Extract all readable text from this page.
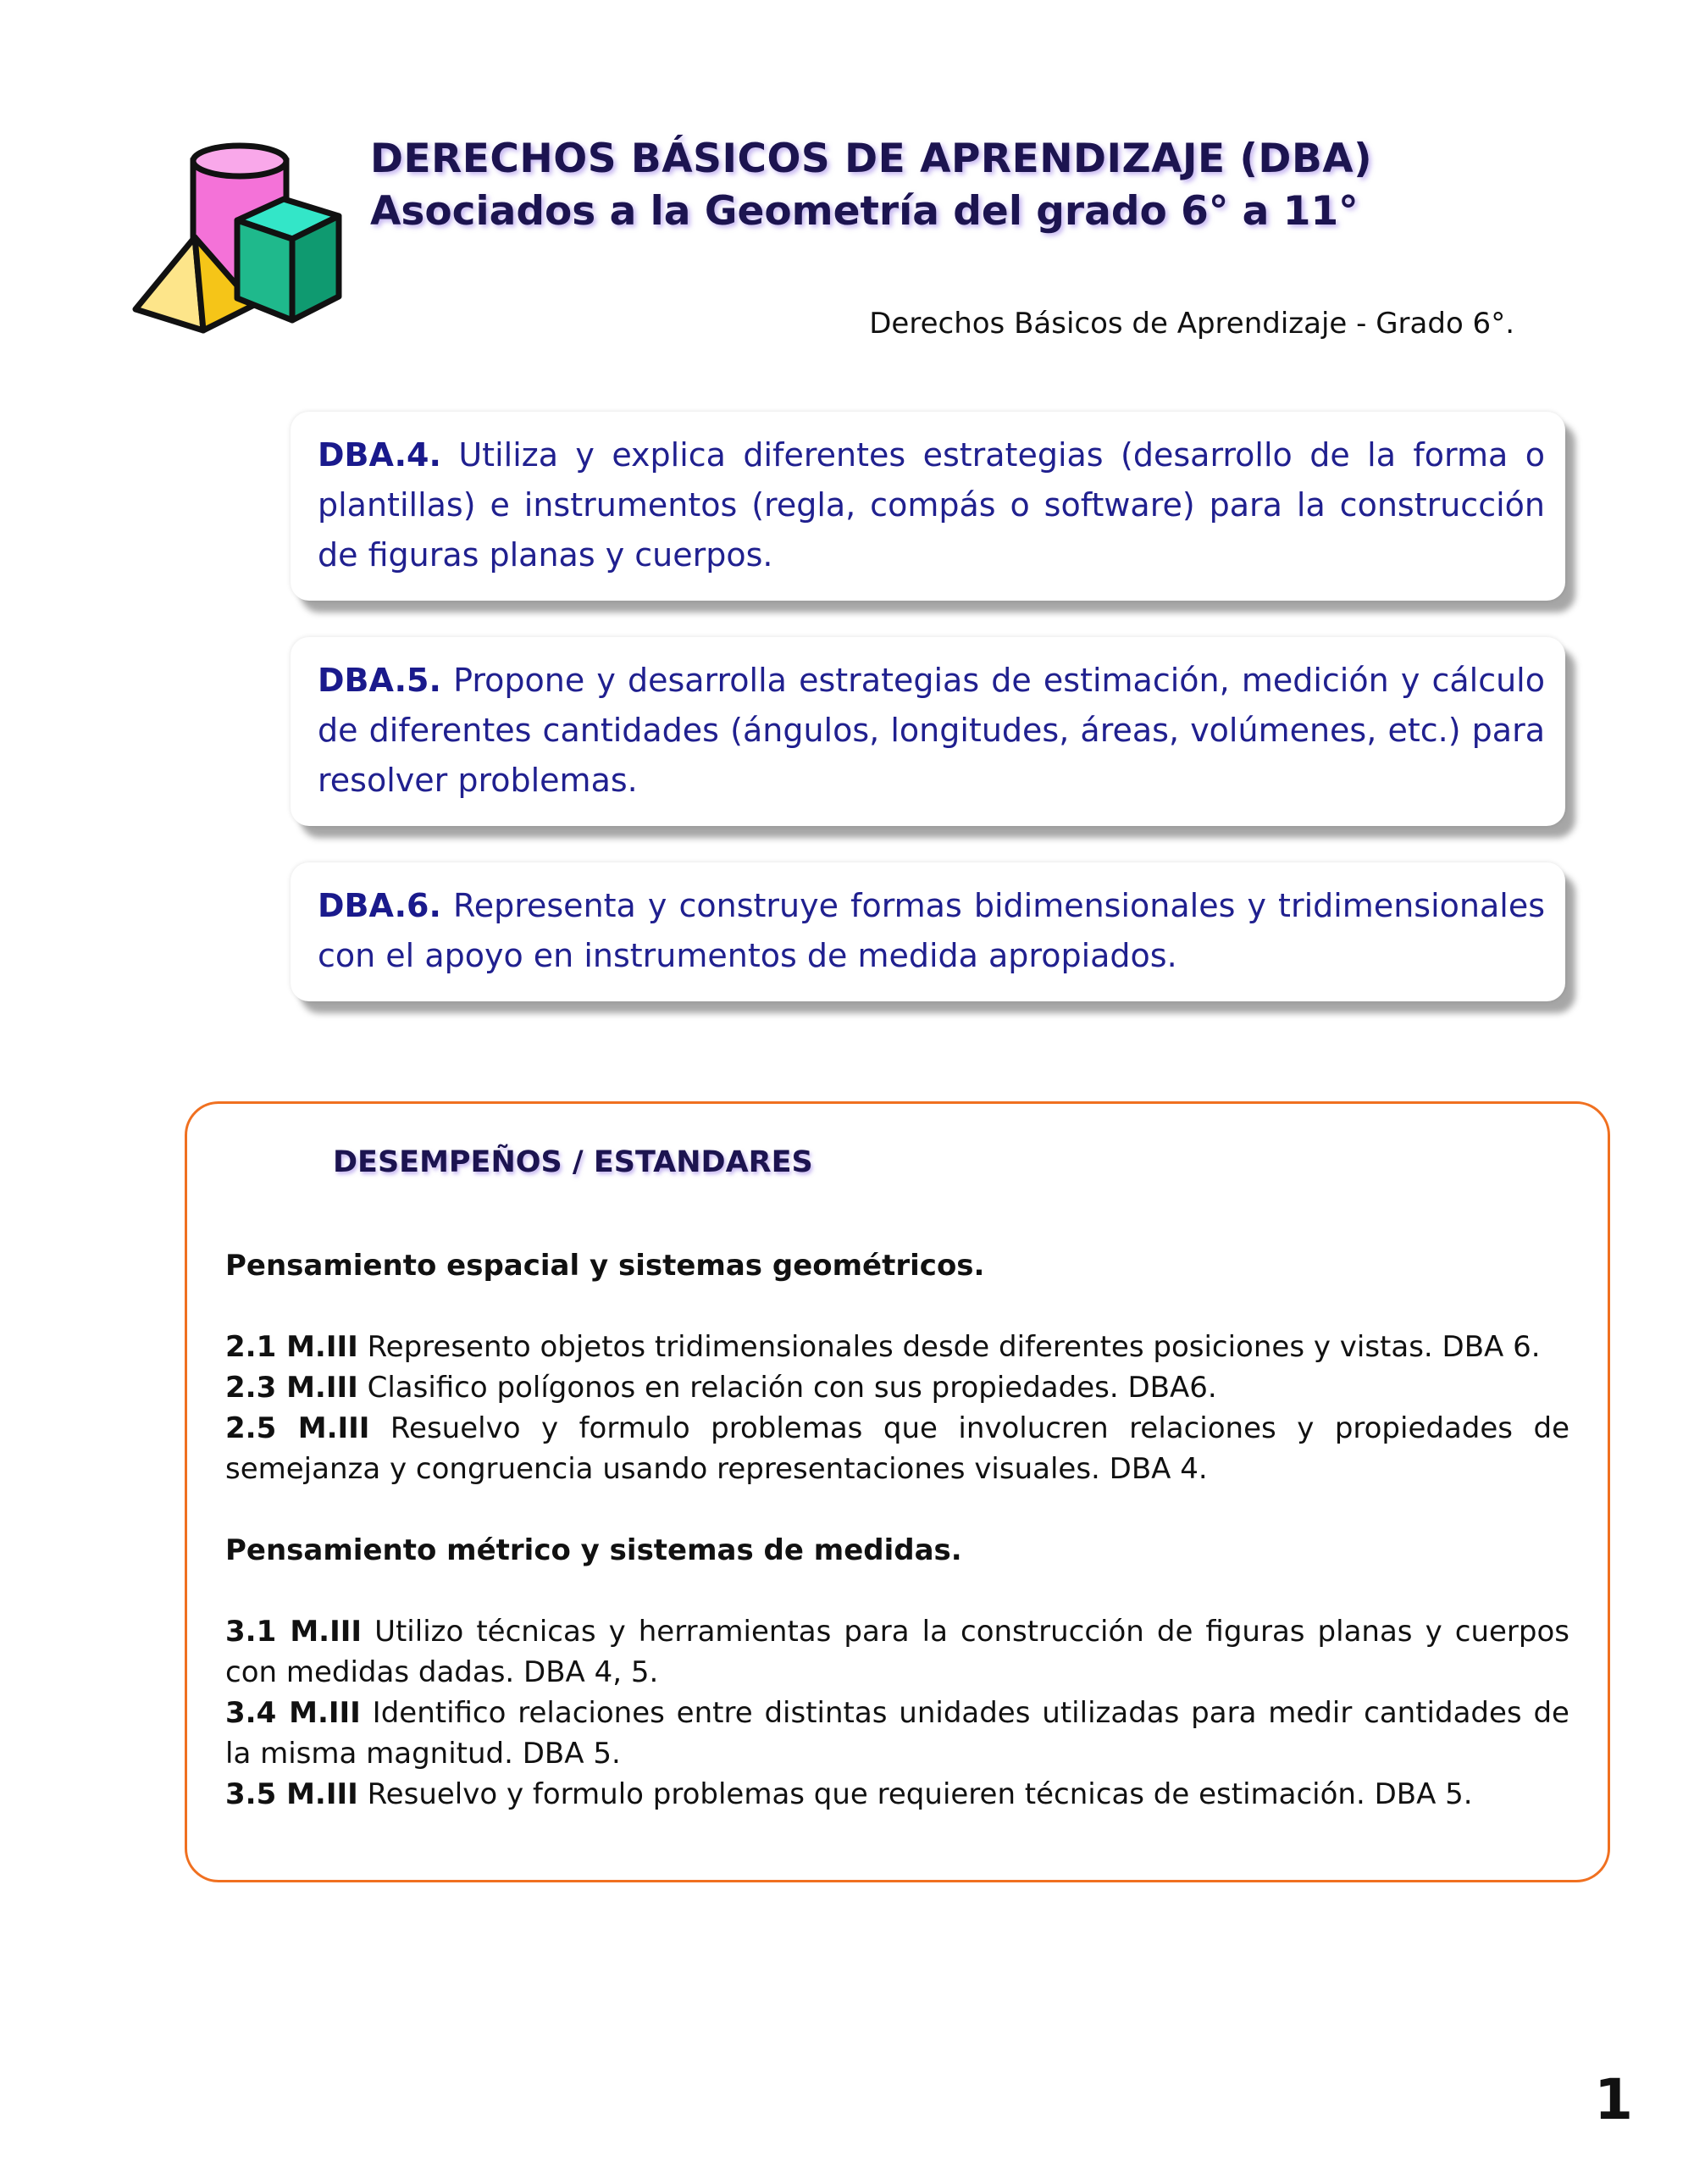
DERECHOS BÁSICOS DE APRENDIZAJE (DBA)
Asociados a la Geometría del grado 6° a 11°
Derechos Básicos de Aprendizaje - Grado 6°.

DBA.4. Utiliza y explica diferentes estrategias (desarrollo de la forma o plantillas) e instrumentos (regla, compás o software) para la construcción de figuras planas y cuerpos.

DBA.5. Propone y desarrolla estrategias de estimación, medición y cálculo de diferentes cantidades (ángulos, longitudes, áreas, volúmenes, etc.) para resolver problemas.

DBA.6. Representa y construye formas bidimensionales y tridimensionales con el apoyo en instrumentos de medida apropiados.

DESEMPEÑOS / ESTANDARES

Pensamiento espacial y sistemas geométricos.

2.1 M.III Represento objetos tridimensionales desde diferentes posiciones y vistas. DBA 6.

2.3 M.III Clasifico polígonos en relación con sus propiedades. DBA6.

2.5 M.III Resuelvo y formulo problemas que involucren relaciones y propiedades de semejanza y congruencia usando representaciones visuales. DBA 4.

Pensamiento métrico y sistemas de medidas.

3.1 M.III Utilizo técnicas y herramientas para la construcción de figuras planas y cuerpos con medidas dadas. DBA 4, 5.

3.4 M.III Identifico relaciones entre distintas unidades utilizadas para medir cantidades de la misma magnitud. DBA 5.

3.5 M.III Resuelvo y formulo problemas que requieren técnicas de estimación. DBA 5.

1
